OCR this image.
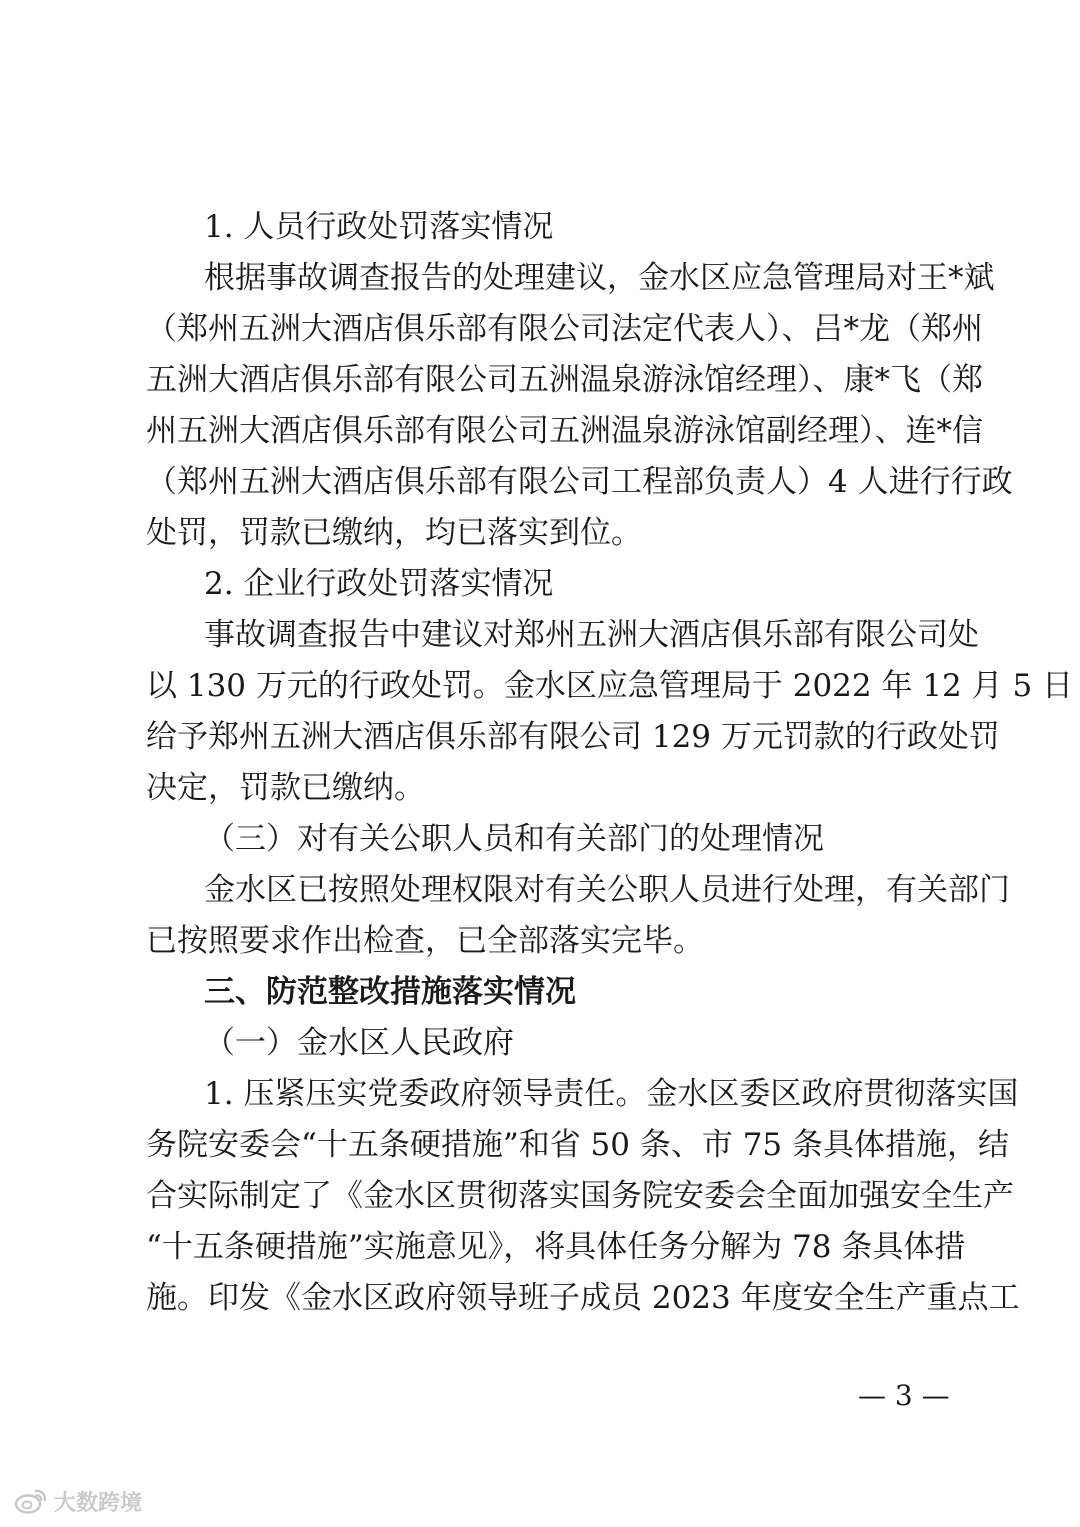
1. 人员行政处罚落实情况
根据事故调查报告的处理建议，金水区应急管理局对王*斌
（郑州五洲大酒店俱乐部有限公司法定代表人）、吕*龙（郑州
五洲大酒店俱乐部有限公司五洲温泉游泳馆经理）、康*飞（郑
州五洲大酒店俱乐部有限公司五洲温泉游泳馆副经理）、连*信
（郑州五洲大酒店俱乐部有限公司工程部负责人）4 人进行行政
处罚，罚款已缴纳，均已落实到位。
2. 企业行政处罚落实情况
事故调查报告中建议对郑州五洲大酒店俱乐部有限公司处
以 130 万元的行政处罚。金水区应急管理局于 2022 年 12 月 5 日
给予郑州五洲大酒店俱乐部有限公司 129 万元罚款的行政处罚
决定，罚款已缴纳。
（三）对有关公职人员和有关部门的处理情况
金水区已按照处理权限对有关公职人员进行处理，有关部门
已按照要求作出检查，已全部落实完毕。
三、防范整改措施落实情况
（一）金水区人民政府
1. 压紧压实党委政府领导责任。金水区委区政府贯彻落实国
务院安委会“十五条硬措施”和省 50 条、市 75 条具体措施，结
合实际制定了《金水区贯彻落实国务院安委会全面加强安全生产
“十五条硬措施”实施意见》，将具体任务分解为 78 条具体措
施。印发《金水区政府领导班子成员 2023 年度安全生产重点工
— 3 —
大数跨境
